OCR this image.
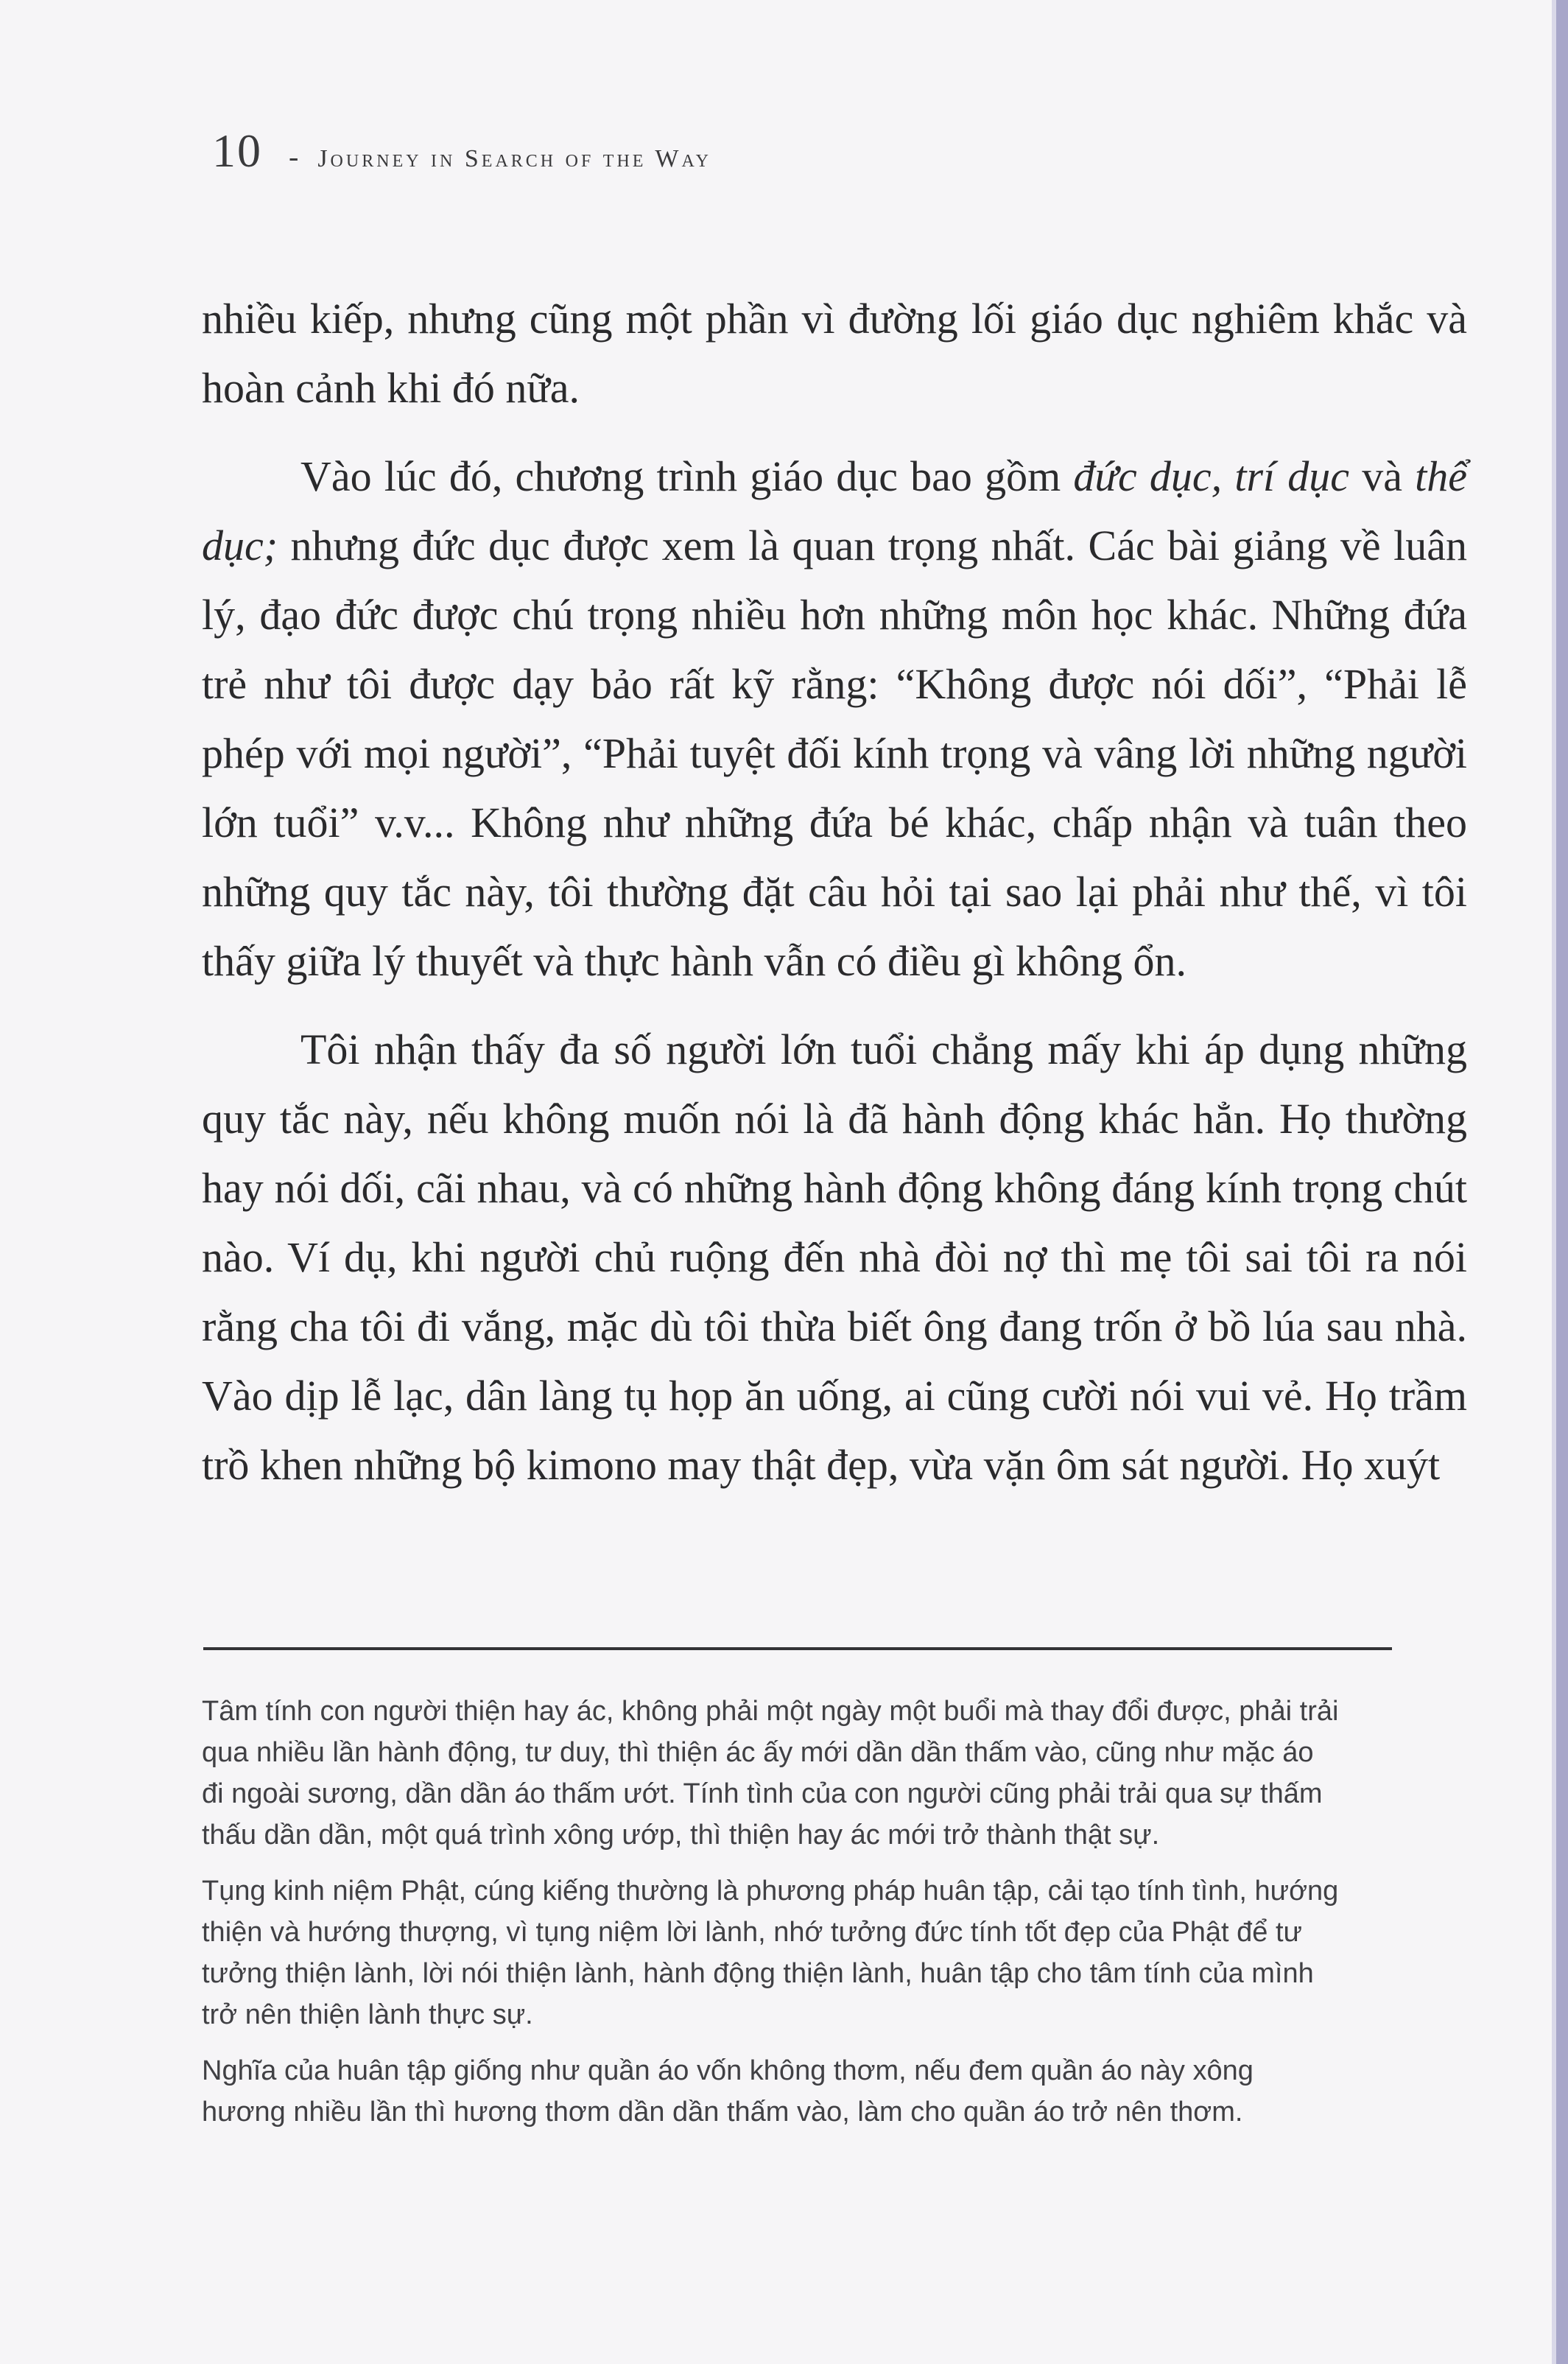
10 - Journey in Search of the Way

nhiều kiếp, nhưng cũng một phần vì đường lối giáo dục nghiêm khắc và hoàn cảnh khi đó nữa.

Vào lúc đó, chương trình giáo dục bao gồm đức dục, trí dục và thể dục; nhưng đức dục được xem là quan trọng nhất. Các bài giảng về luân lý, đạo đức được chú trọng nhiều hơn những môn học khác. Những đứa trẻ như tôi được dạy bảo rất kỹ rằng: “Không được nói dối”, “Phải lễ phép với mọi người”, “Phải tuyệt đối kính trọng và vâng lời những người lớn tuổi” v.v... Không như những đứa bé khác, chấp nhận và tuân theo những quy tắc này, tôi thường đặt câu hỏi tại sao lại phải như thế, vì tôi thấy giữa lý thuyết và thực hành vẫn có điều gì không ổn.

Tôi nhận thấy đa số người lớn tuổi chẳng mấy khi áp dụng những quy tắc này, nếu không muốn nói là đã hành động khác hẳn. Họ thường hay nói dối, cãi nhau, và có những hành động không đáng kính trọng chút nào. Ví dụ, khi người chủ ruộng đến nhà đòi nợ thì mẹ tôi sai tôi ra nói rằng cha tôi đi vắng, mặc dù tôi thừa biết ông đang trốn ở bồ lúa sau nhà. Vào dịp lễ lạc, dân làng tụ họp ăn uống, ai cũng cười nói vui vẻ. Họ trầm trồ khen những bộ kimono may thật đẹp, vừa vặn ôm sát người. Họ xuýt

Tâm tính con người thiện hay ác, không phải một ngày một buổi mà thay đổi được, phải trải
qua nhiều lần hành động, tư duy, thì thiện ác ấy mới dần dần thấm vào, cũng như mặc áo
đi ngoài sương, dần dần áo thấm ướt. Tính tình của con người cũng phải trải qua sự thấm
thấu dần dần, một quá trình xông ướp, thì thiện hay ác mới trở thành thật sự.

Tụng kinh niệm Phật, cúng kiếng thường là phương pháp huân tập, cải tạo tính tình, hướng
thiện và hướng thượng, vì tụng niệm lời lành, nhớ tưởng đức tính tốt đẹp của Phật để tư
tưởng thiện lành, lời nói thiện lành, hành động thiện lành, huân tập cho tâm tính của mình
trở nên thiện lành thực sự.

Nghĩa của huân tập giống như quần áo vốn không thơm, nếu đem quần áo này xông
hương nhiều lần thì hương thơm dần dần thấm vào, làm cho quần áo trở nên thơm.
